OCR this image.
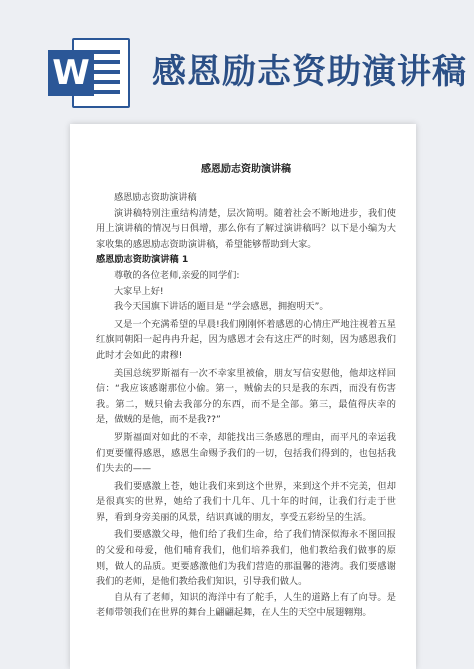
W 感恩励志资助演讲稿

感恩励志资助演讲稿

感恩励志资助演讲稿

演讲稿特别注重结构清楚，层次简明。随着社会不断地进步，我们使用上演讲稿的情况与日俱增，那么你有了解过演讲稿吗？以下是小编为大家收集的感恩励志资助演讲稿，希望能够帮助到大家。

感恩励志资助演讲稿 1

尊敬的各位老师,亲爱的同学们:

大家早上好!

我今天国旗下讲话的题目是 “学会感恩，拥抱明天”。

又是一个充满希望的早晨!我们刚刚怀着感恩的心情庄严地注视着五星红旗同朝阳一起冉冉升起，因为感恩才会有这庄严的时刻，因为感恩我们此时才会如此的肃穆!

美国总统罗斯福有一次不幸家里被偷，朋友写信安慰他，他却这样回信：“我应该感谢那位小偷。第一，贼偷去的只是我的东西，而没有伤害我。第二，贼只偷去我部分的东西，而不是全部。第三，最值得庆幸的是，做贼的是他，而不是我??”

罗斯福面对如此的不幸，却能找出三条感恩的理由，而平凡的幸运我们更要懂得感恩，感恩生命赐予我们的一切，包括我们得到的，也包括我们失去的——

我们要感激上苍，她让我们来到这个世界，来到这个并不完美，但却是很真实的世界，她给了我们十几年、几十年的时间，让我们行走于世界，看到身旁美丽的风景，结识真诚的朋友，享受五彩纷呈的生活。

我们要感激父母，他们给了我们生命，给了我们情深似海永不图回报的父爱和母爱，他们哺育我们，他们培养我们，他们教给我们做事的原则，做人的品质。更要感激他们为我们营造的那温馨的港湾。我们要感谢我们的老师，是他们教给我们知识，引导我们做人。

自从有了老师，知识的海洋中有了舵手，人生的道路上有了向导。是老师带领我们在世界的舞台上翩翩起舞，在人生的天空中展翅翱翔。
